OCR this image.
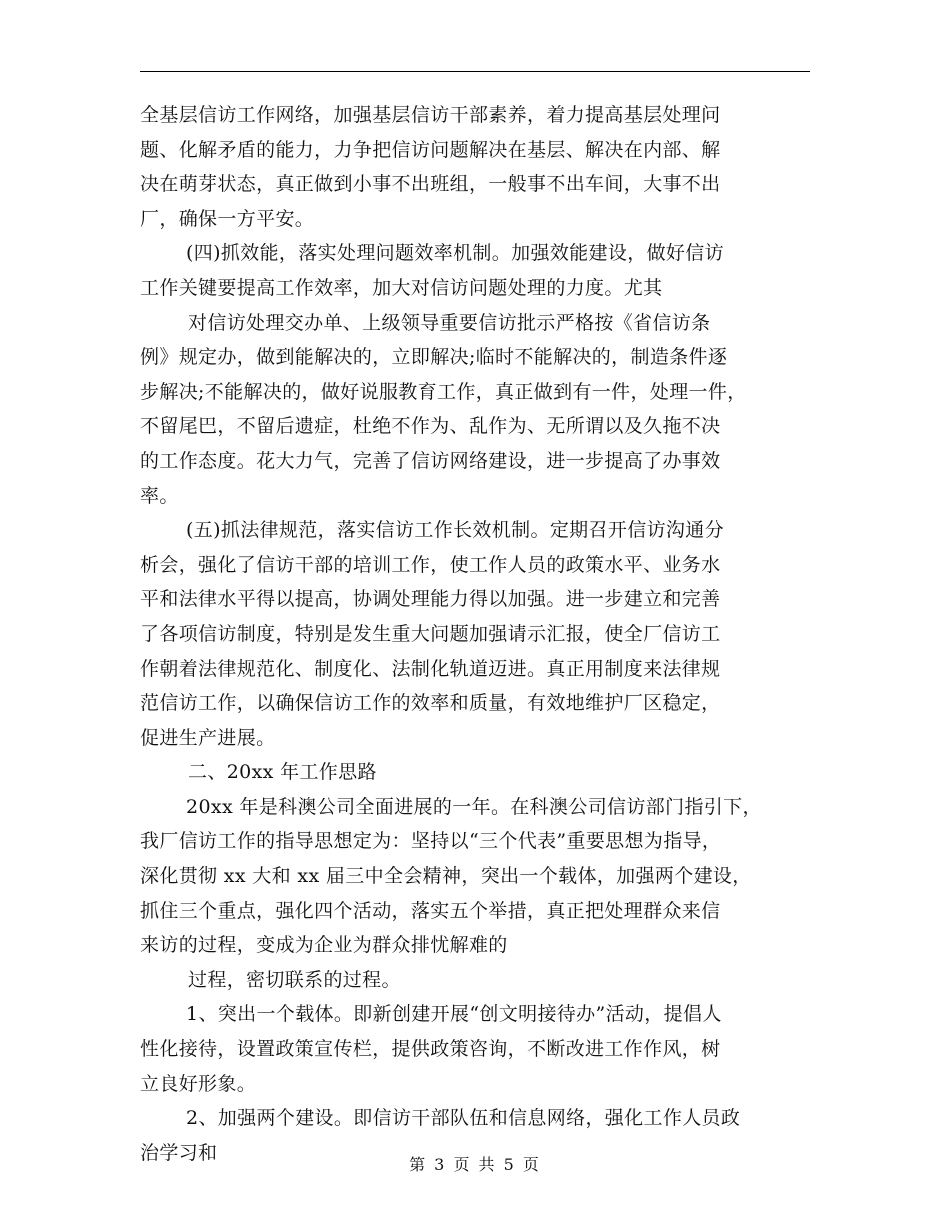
全基层信访工作网络，加强基层信访干部素养，着力提高基层处理问
题、化解矛盾的能力，力争把信访问题解决在基层、解决在内部、解
决在萌芽状态，真正做到小事不出班组，一般事不出车间，大事不出
厂，确保一方平安。
(四)抓效能，落实处理问题效率机制。加强效能建设，做好信访
工作关键要提高工作效率，加大对信访问题处理的力度。尤其
对信访处理交办单、上级领导重要信访批示严格按《省信访条
例》规定办，做到能解决的，立即解决;临时不能解决的，制造条件逐
步解决;不能解决的，做好说服教育工作，真正做到有一件，处理一件，
不留尾巴，不留后遗症，杜绝不作为、乱作为、无所谓以及久拖不决
的工作态度。花大力气，完善了信访网络建设，进一步提高了办事效
率。
(五)抓法律规范，落实信访工作长效机制。定期召开信访沟通分
析会，强化了信访干部的培训工作，使工作人员的政策水平、业务水
平和法律水平得以提高，协调处理能力得以加强。进一步建立和完善
了各项信访制度，特别是发生重大问题加强请示汇报，使全厂信访工
作朝着法律规范化、制度化、法制化轨道迈进。真正用制度来法律规
范信访工作，以确保信访工作的效率和质量，有效地维护厂区稳定，
促进生产进展。
二、20xx 年工作思路
20xx 年是科澳公司全面进展的一年。在科澳公司信访部门指引下，
我厂信访工作的指导思想定为：坚持以“三个代表”重要思想为指导，
深化贯彻 xx 大和 xx 届三中全会精神，突出一个载体，加强两个建设，
抓住三个重点，强化四个活动，落实五个举措，真正把处理群众来信
来访的过程，变成为企业为群众排忧解难的
过程，密切联系的过程。
1、突出一个载体。即新创建开展“创文明接待办”活动，提倡人
性化接待，设置政策宣传栏，提供政策咨询，不断改进工作作风，树
立良好形象。
2、加强两个建设。即信访干部队伍和信息网络，强化工作人员政
治学习和
第 3 页 共 5 页
